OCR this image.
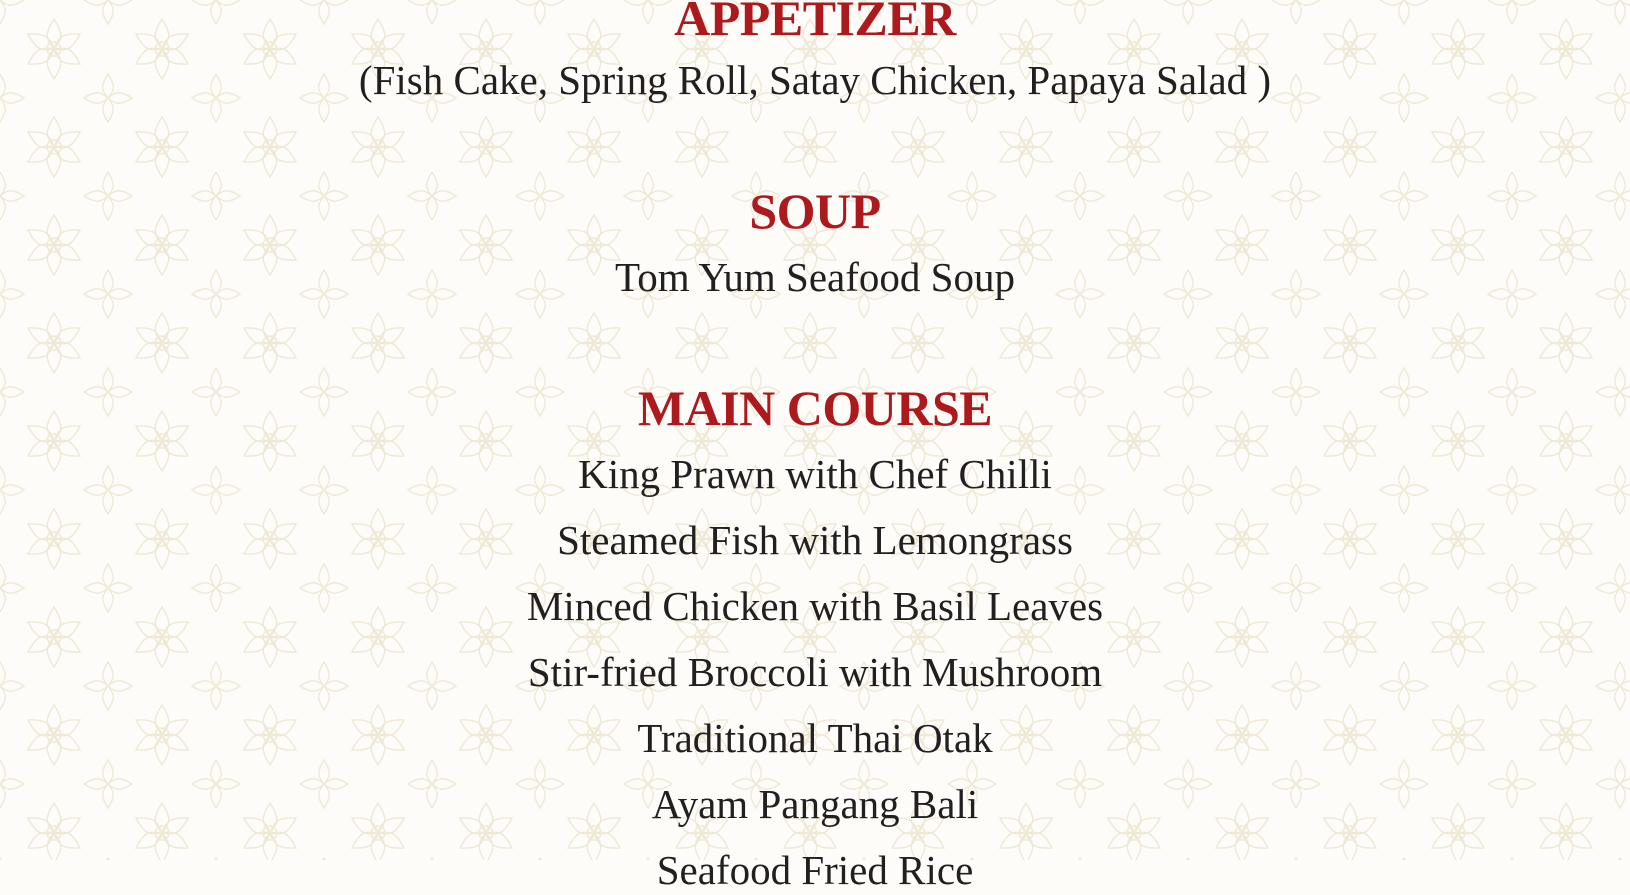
APPETIZER

(Fish Cake, Spring Roll, Satay Chicken, Papaya Salad )

SOUP

Tom Yum Seafood Soup

MAIN COURSE

King Prawn with Chef Chilli

Steamed Fish with Lemongrass

Minced Chicken with Basil Leaves

Stir-fried Broccoli with Mushroom

Traditional Thai Otak

Ayam Pangang Bali

Seafood Fried Rice
